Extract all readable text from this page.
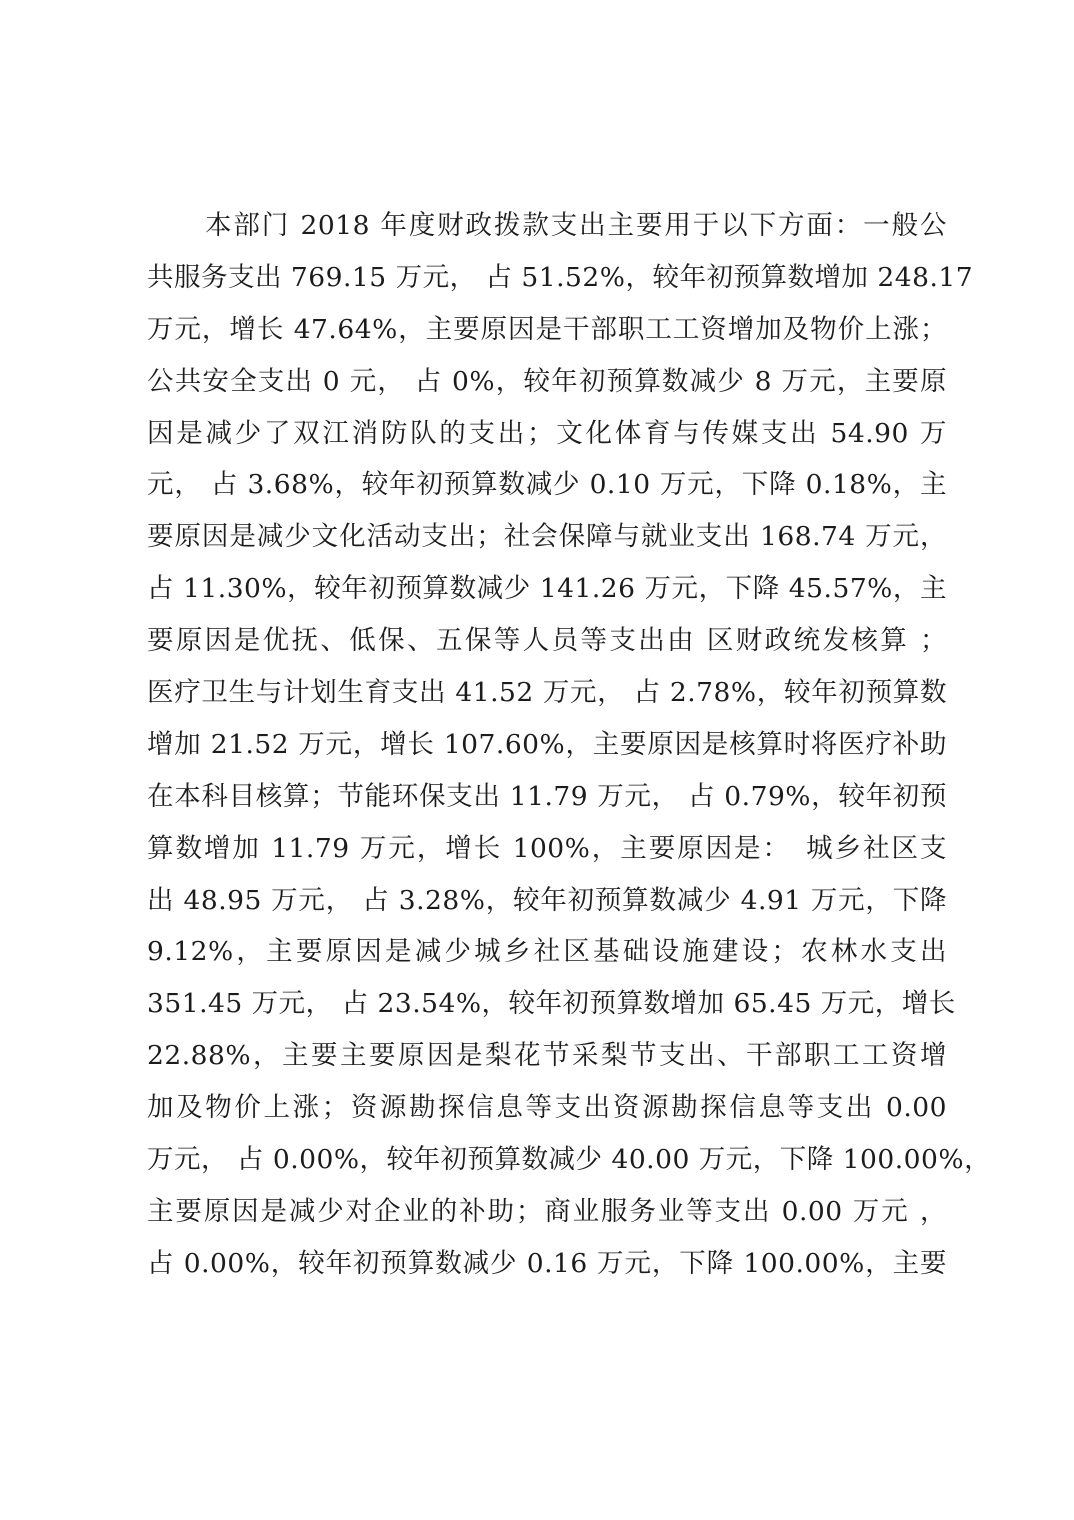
本部门 2018 年度财政拨款支出主要用于以下方面：一般公
共服务支出 769.15 万元， 占 51.52%，较年初预算数增加 248.17
万元，增长 47.64%，主要原因是干部职工工资增加及物价上涨；
公共安全支出 0 元， 占 0%，较年初预算数减少 8 万元，主要原
因是减少了双江消防队的支出；文化体育与传媒支出 54.90 万
元， 占 3.68%，较年初预算数减少 0.10 万元，下降 0.18%，主
要原因是减少文化活动支出；社会保障与就业支出 168.74 万元，
占 11.30%，较年初预算数减少 141.26 万元，下降 45.57%，主
要原因是优抚、低保、五保等人员等支出由 区财政统发核算 ；
医疗卫生与计划生育支出 41.52 万元， 占 2.78%，较年初预算数
增加 21.52 万元，增长 107.60%，主要原因是核算时将医疗补助
在本科目核算；节能环保支出 11.79 万元， 占 0.79%，较年初预
算数增加 11.79 万元，增长 100%，主要原因是：　城乡社区支
出 48.95 万元， 占 3.28%，较年初预算数减少 4.91 万元，下降
9.12%，主要原因是减少城乡社区基础设施建设；农林水支出
351.45 万元， 占 23.54%，较年初预算数增加 65.45 万元，增长
22.88%，主要主要原因是梨花节采梨节支出、干部职工工资增
加及物价上涨；资源勘探信息等支出资源勘探信息等支出 0.00
万元， 占 0.00%，较年初预算数减少 40.00 万元，下降 100.00%，
主要原因是减少对企业的补助；商业服务业等支出 0.00 万元 ，
占 0.00%，较年初预算数减少 0.16 万元，下降 100.00%，主要
